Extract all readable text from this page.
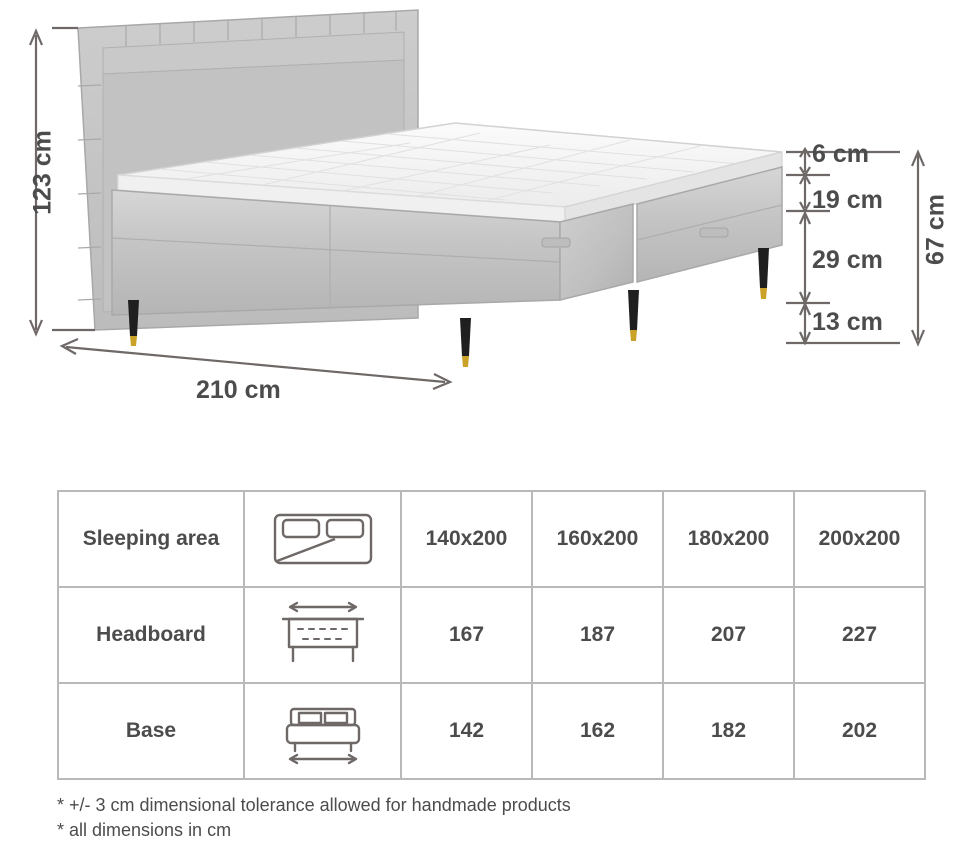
123 cm	6 cm
19 cm
29 cm
13 cm
67 cm
210 cm
Sleeping area		140x200	160x200	180x200	200x200
Headboard		167	187	207	227
Base		142	162	182	202
* +/- 3 cm dimensional tolerance allowed for handmade products
* all dimensions in cm
